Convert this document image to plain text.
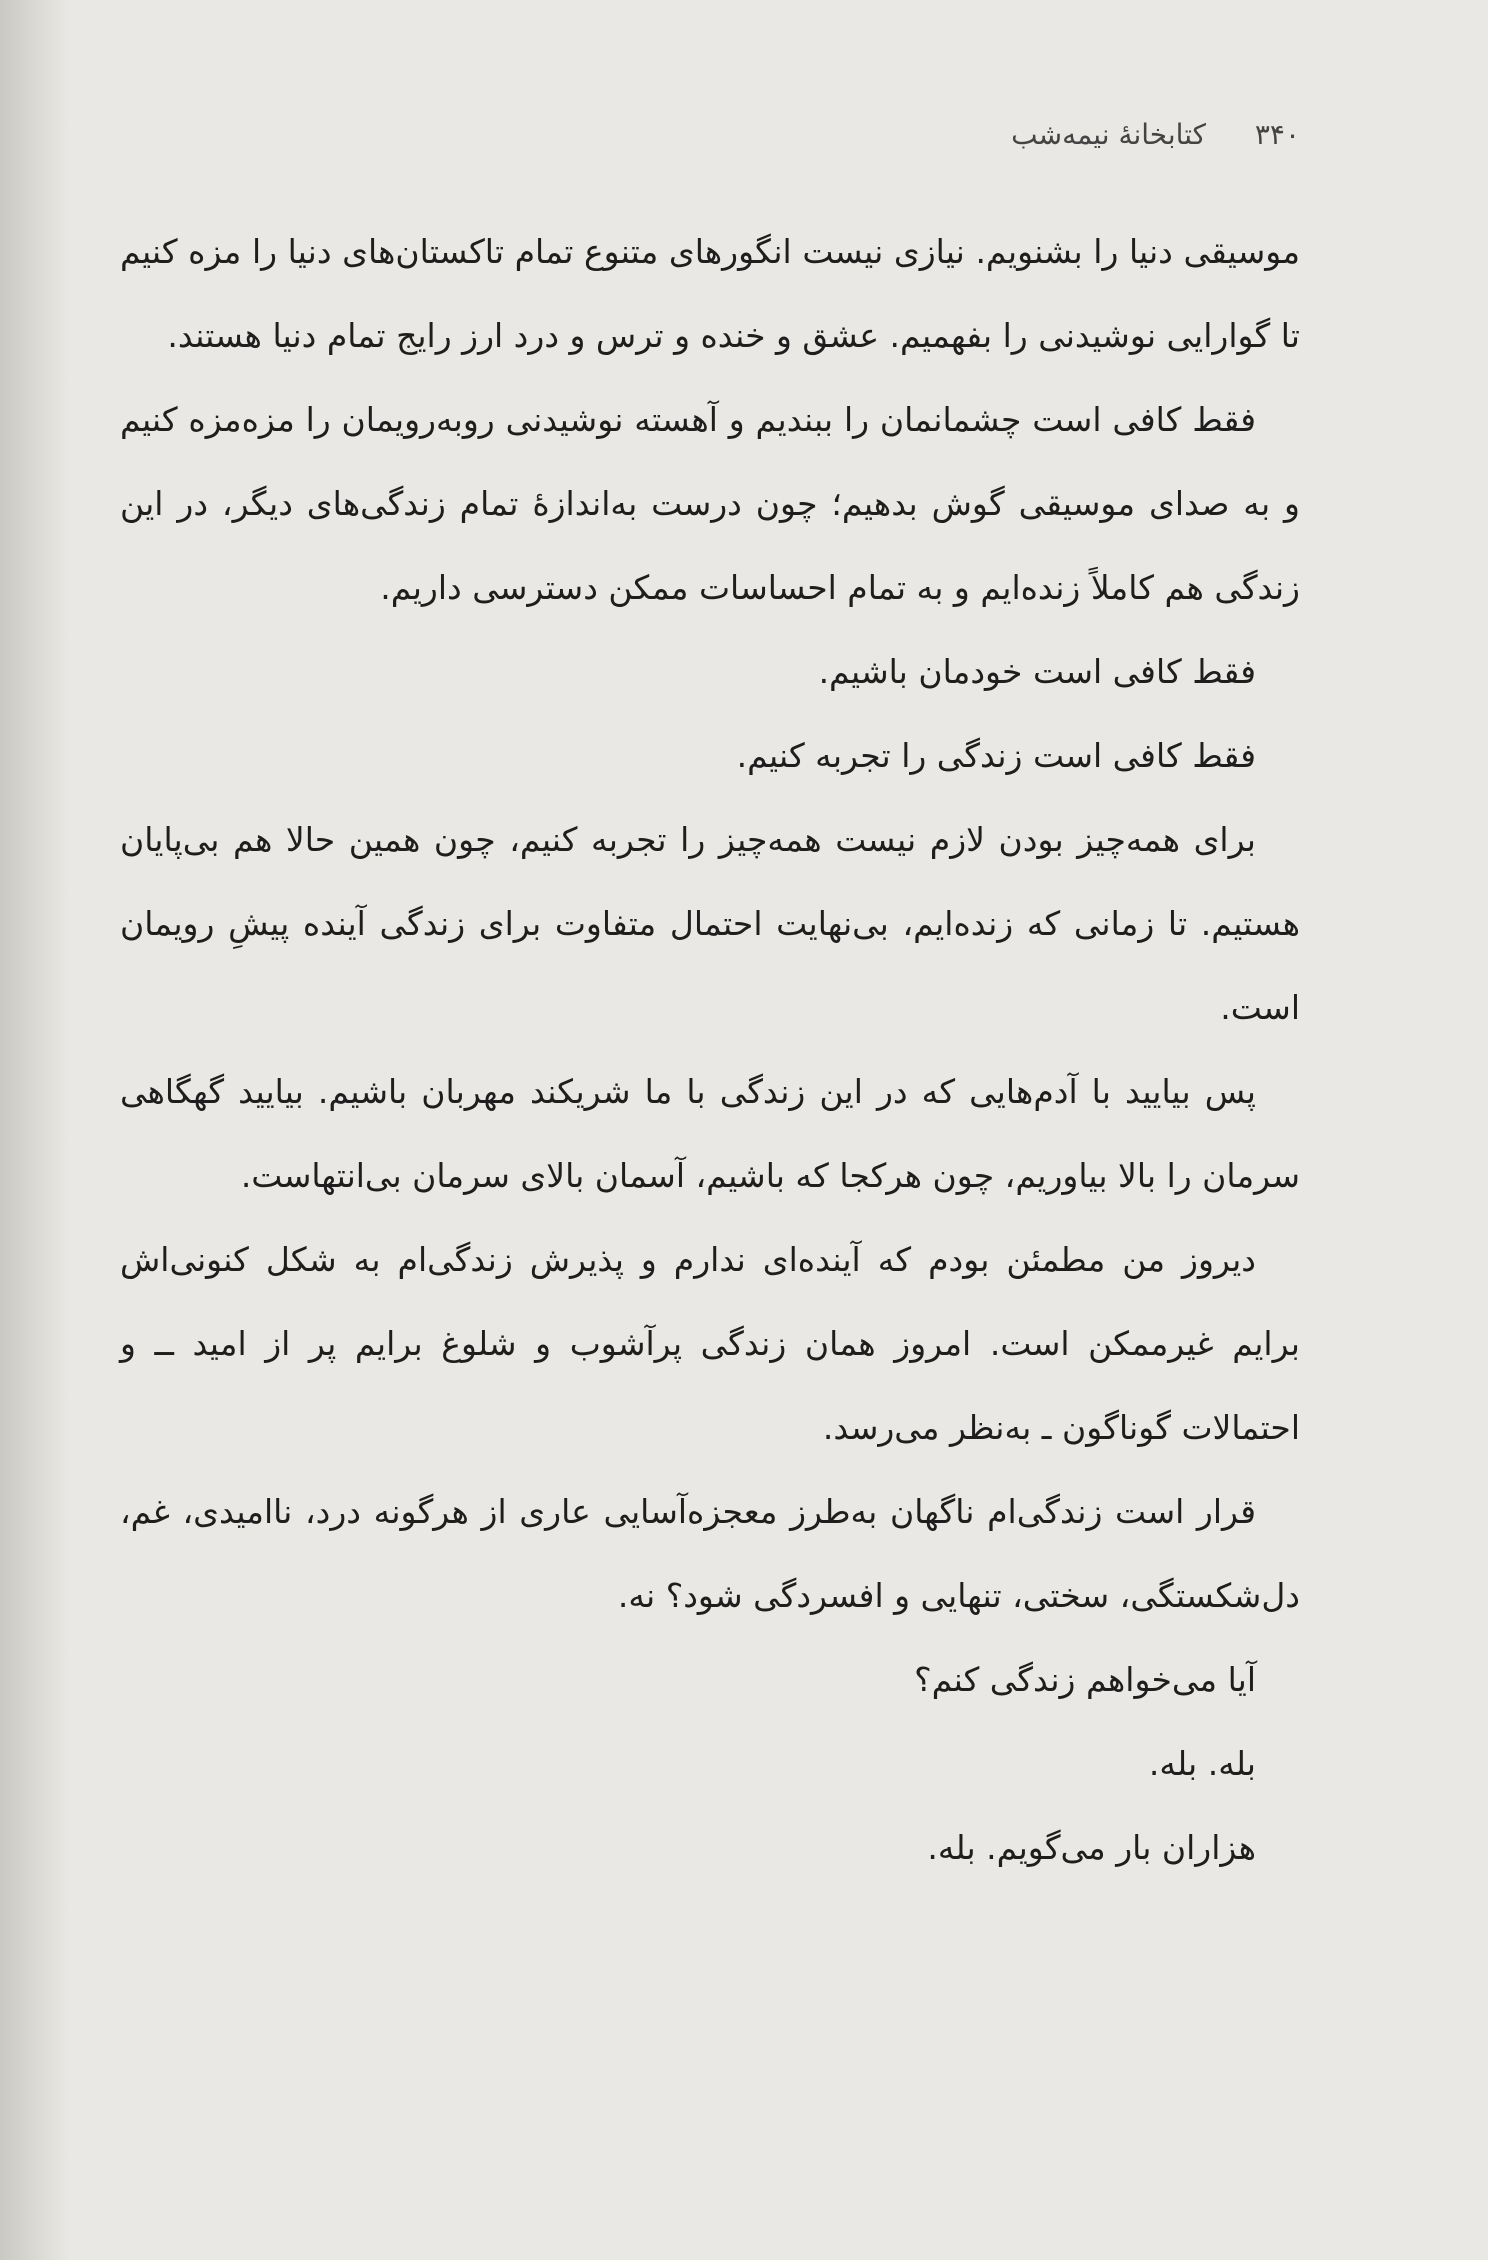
۳۴۰ کتابخانهٔ نیمه‌شب

موسیقی دنیا را بشنویم. نیازی نیست انگورهای متنوع تمام تاکستان‌های دنیا را مزه کنیم تا گوارایی نوشیدنی را بفهمیم. عشق و خنده و ترس و درد ارز رایج تمام دنیا هستند.

فقط کافی است چشمانمان را ببندیم و آهسته نوشیدنی روبه‌رویمان را مزه‌مزه کنیم و به صدای موسیقی گوش بدهیم؛ چون درست به‌اندازهٔ تمام زندگی‌های دیگر، در این زندگی هم کاملاً زنده‌ایم و به تمام احساسات ممکن دسترسی داریم.

فقط کافی است خودمان باشیم.

فقط کافی است زندگی را تجربه کنیم.

برای همه‌چیز بودن لازم نیست همه‌چیز را تجربه کنیم، چون همین حالا هم بی‌پایان هستیم. تا زمانی که زنده‌ایم، بی‌نهایت احتمال متفاوت برای زندگی آینده پیشِ رویمان است.

پس بیایید با آدم‌هایی که در این زندگی با ما شریکند مهربان باشیم. بیایید گهگاهی سرمان را بالا بیاوریم، چون هرکجا که باشیم، آسمان بالای سرمان بی‌انتهاست.

دیروز من مطمئن بودم که آینده‌ای ندارم و پذیرش زندگی‌ام به شکل کنونی‌اش برایم غیرممکن است. امروز همان زندگی پرآشوب و شلوغ برایم پر از امید ــ و احتمالات گوناگون ـ به‌نظر می‌رسد.

قرار است زندگی‌ام ناگهان به‌طرز معجزه‌آسایی عاری از هرگونه درد، ناامیدی، غم، دل‌شکستگی، سختی، تنهایی و افسردگی شود؟ نه.

آیا می‌خواهم زندگی کنم؟

بله. بله.

هزاران بار می‌گویم. بله.
